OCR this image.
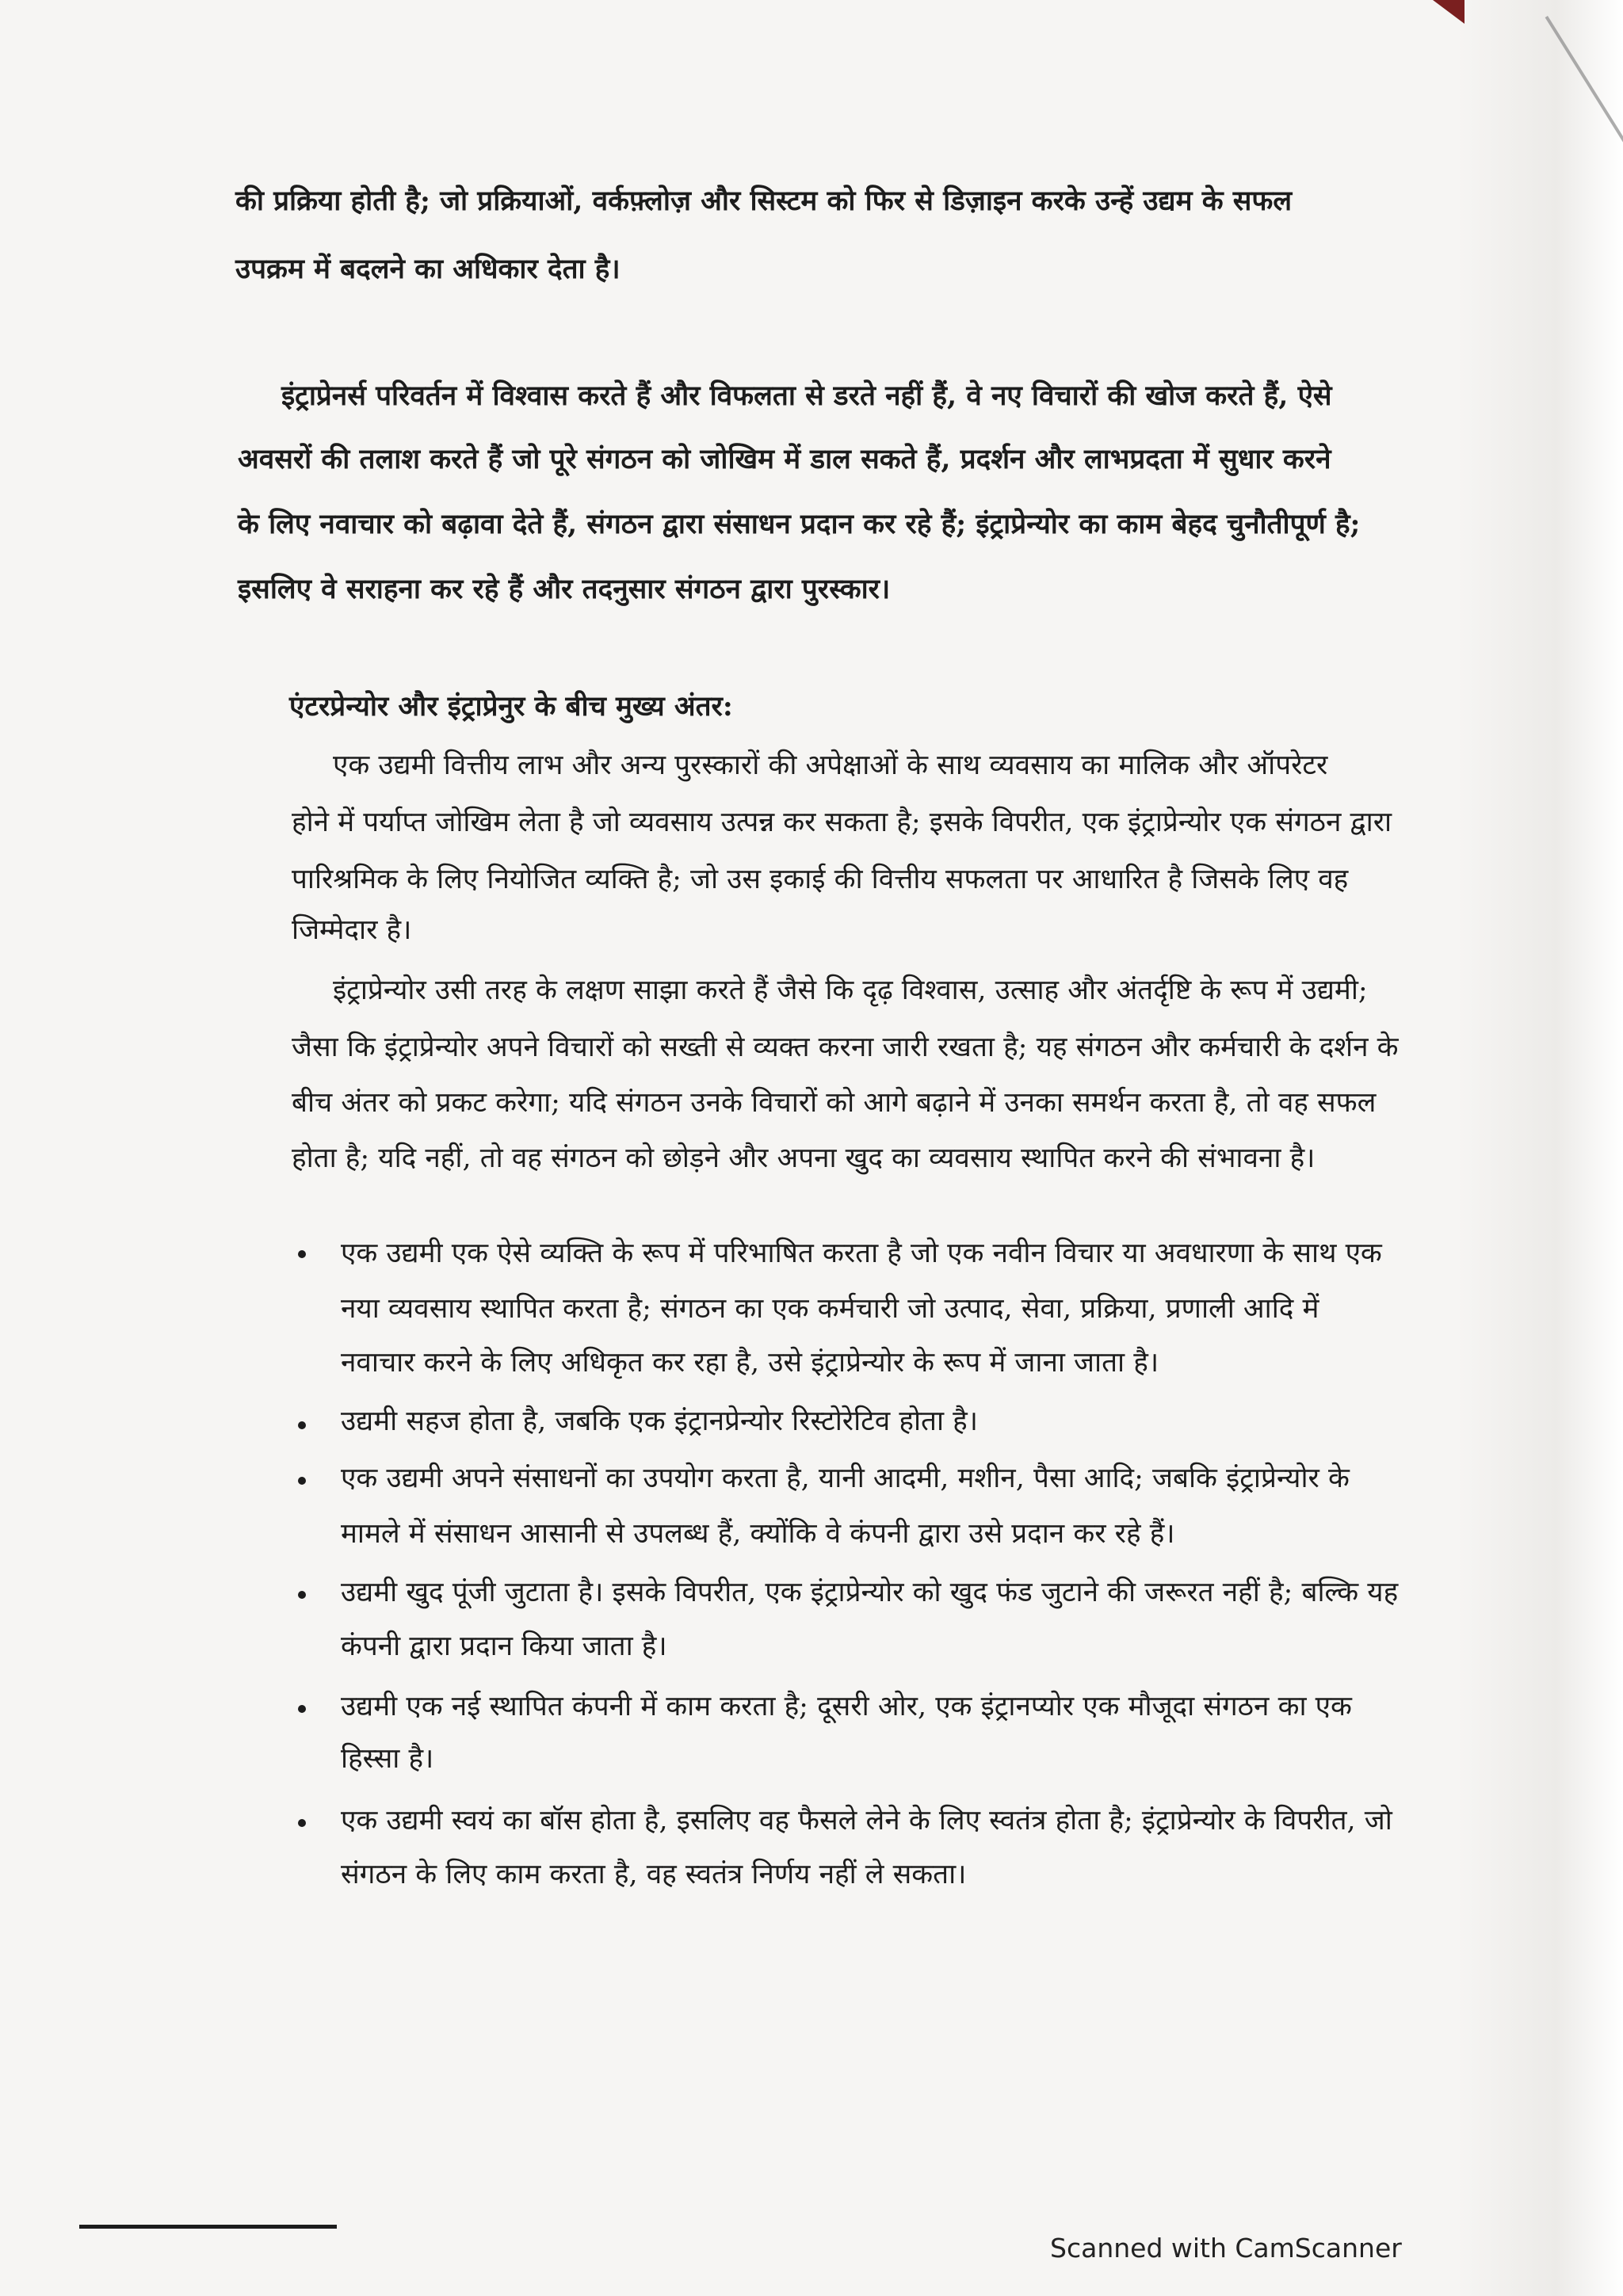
की प्रक्रिया होती है; जो प्रक्रियाओं, वर्कफ़्लोज़ और सिस्टम को फिर से डिज़ाइन करके उन्हें उद्यम के सफल
उपक्रम में बदलने का अधिकार देता है।
इंट्राप्रेनर्स परिवर्तन में विश्वास करते हैं और विफलता से डरते नहीं हैं, वे नए विचारों की खोज करते हैं, ऐसे
अवसरों की तलाश करते हैं जो पूरे संगठन को जोखिम में डाल सकते हैं, प्रदर्शन और लाभप्रदता में सुधार करने
के लिए नवाचार को बढ़ावा देते हैं, संगठन द्वारा संसाधन प्रदान कर रहे हैं; इंट्राप्रेन्योर का काम बेहद चुनौतीपूर्ण है;
इसलिए वे सराहना कर रहे हैं और तदनुसार संगठन द्वारा पुरस्कार।
एंटरप्रेन्योर और इंट्राप्रेनुर के बीच मुख्य अंतर:
एक उद्यमी वित्तीय लाभ और अन्य पुरस्कारों की अपेक्षाओं के साथ व्यवसाय का मालिक और ऑपरेटर
होने में पर्याप्त जोखिम लेता है जो व्यवसाय उत्पन्न कर सकता है; इसके विपरीत, एक इंट्राप्रेन्योर एक संगठन द्वारा
पारिश्रमिक के लिए नियोजित व्यक्ति है; जो उस इकाई की वित्तीय सफलता पर आधारित है जिसके लिए वह
जिम्मेदार है।
इंट्राप्रेन्योर उसी तरह के लक्षण साझा करते हैं जैसे कि दृढ़ विश्वास, उत्साह और अंतर्दृष्टि के रूप में उद्यमी;
जैसा कि इंट्राप्रेन्योर अपने विचारों को सख्ती से व्यक्त करना जारी रखता है; यह संगठन और कर्मचारी के दर्शन के
बीच अंतर को प्रकट करेगा; यदि संगठन उनके विचारों को आगे बढ़ाने में उनका समर्थन करता है, तो वह सफल
होता है; यदि नहीं, तो वह संगठन को छोड़ने और अपना खुद का व्यवसाय स्थापित करने की संभावना है।
एक उद्यमी एक ऐसे व्यक्ति के रूप में परिभाषित करता है जो एक नवीन विचार या अवधारणा के साथ एक
नया व्यवसाय स्थापित करता है; संगठन का एक कर्मचारी जो उत्पाद, सेवा, प्रक्रिया, प्रणाली आदि में
नवाचार करने के लिए अधिकृत कर रहा है, उसे इंट्राप्रेन्योर के रूप में जाना जाता है।
उद्यमी सहज होता है, जबकि एक इंट्रानप्रेन्योर रिस्टोरेटिव होता है।
एक उद्यमी अपने संसाधनों का उपयोग करता है, यानी आदमी, मशीन, पैसा आदि; जबकि इंट्राप्रेन्योर के
मामले में संसाधन आसानी से उपलब्ध हैं, क्योंकि वे कंपनी द्वारा उसे प्रदान कर रहे हैं।
उद्यमी खुद पूंजी जुटाता है। इसके विपरीत, एक इंट्राप्रेन्योर को खुद फंड जुटाने की जरूरत नहीं है; बल्कि यह
कंपनी द्वारा प्रदान किया जाता है।
उद्यमी एक नई स्थापित कंपनी में काम करता है; दूसरी ओर, एक इंट्रानप्योर एक मौजूदा संगठन का एक
हिस्सा है।
एक उद्यमी स्वयं का बॉस होता है, इसलिए वह फैसले लेने के लिए स्वतंत्र होता है; इंट्राप्रेन्योर के विपरीत, जो
संगठन के लिए काम करता है, वह स्वतंत्र निर्णय नहीं ले सकता।
Scanned with CamScanner
